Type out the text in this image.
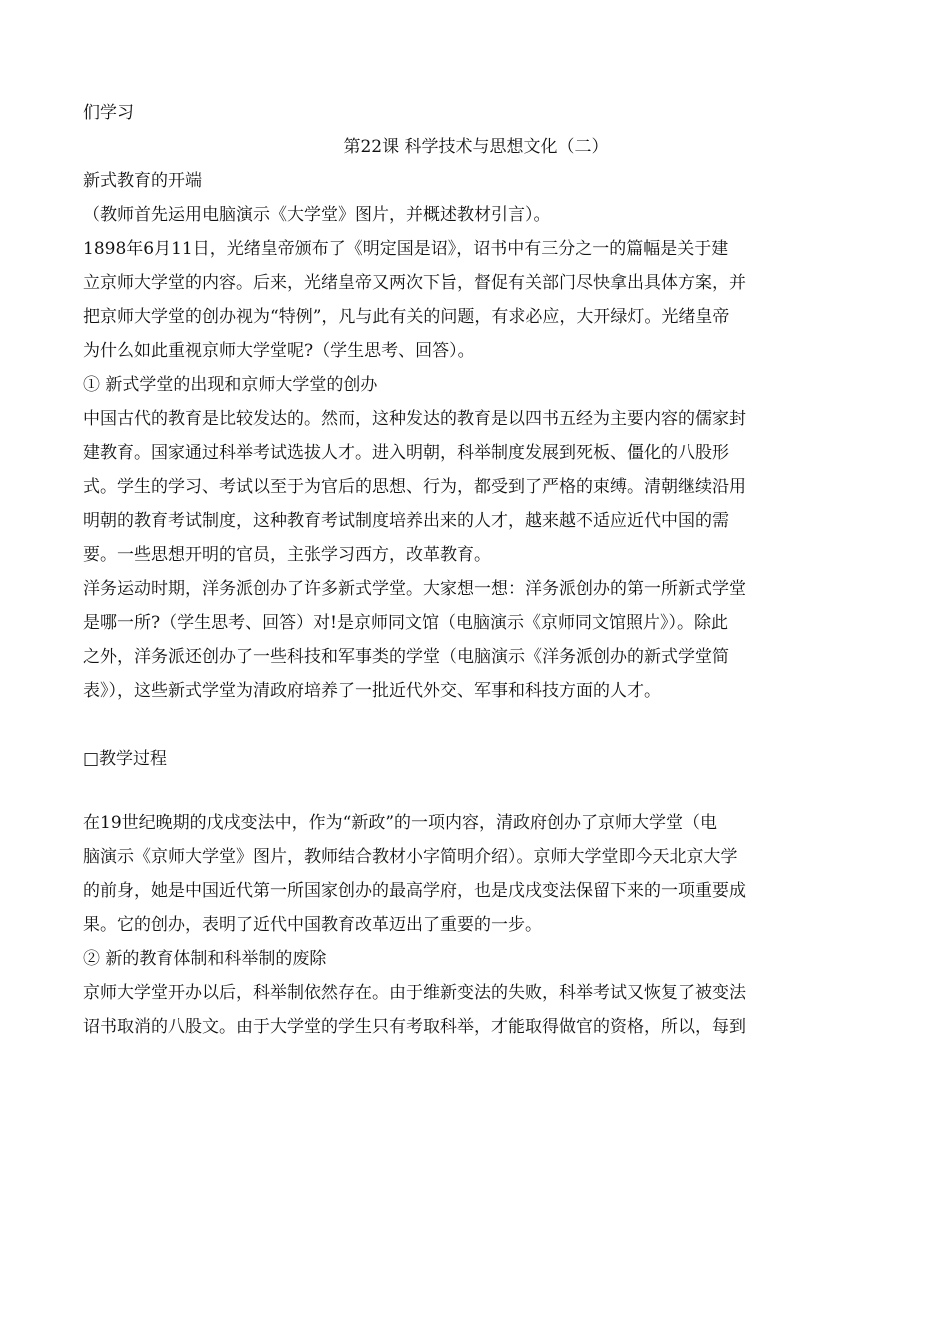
们学习
第22课 科学技术与思想文化（二）
新式教育的开端
（教师首先运用电脑演示《大学堂》图片，并概述教材引言）。
1898年6月11日，光绪皇帝颁布了《明定国是诏》，诏书中有三分之一的篇幅是关于建
立京师大学堂的内容。后来，光绪皇帝又两次下旨，督促有关部门尽快拿出具体方案，并
把京师大学堂的创办视为“特例”，凡与此有关的问题，有求必应，大开绿灯。光绪皇帝
为什么如此重视京师大学堂呢?（学生思考、回答）。
① 新式学堂的出现和京师大学堂的创办
中国古代的教育是比较发达的。然而，这种发达的教育是以四书五经为主要内容的儒家封
建教育。国家通过科举考试选拔人才。进入明朝，科举制度发展到死板、僵化的八股形
式。学生的学习、考试以至于为官后的思想、行为，都受到了严格的束缚。清朝继续沿用
明朝的教育考试制度，这种教育考试制度培养出来的人才，越来越不适应近代中国的需
要。一些思想开明的官员，主张学习西方，改革教育。
洋务运动时期，洋务派创办了许多新式学堂。大家想一想：洋务派创办的第一所新式学堂
是哪一所?（学生思考、回答）对!是京师同文馆（电脑演示《京师同文馆照片》）。除此
之外，洋务派还创办了一些科技和军事类的学堂（电脑演示《洋务派创办的新式学堂简
表》），这些新式学堂为清政府培养了一批近代外交、军事和科技方面的人才。
□教学过程
在19世纪晚期的戊戌变法中，作为“新政”的一项内容，清政府创办了京师大学堂（电
脑演示《京师大学堂》图片，教师结合教材小字简明介绍）。京师大学堂即今天北京大学
的前身，她是中国近代第一所国家创办的最高学府，也是戊戌变法保留下来的一项重要成
果。它的创办，表明了近代中国教育改革迈出了重要的一步。
② 新的教育体制和科举制的废除
京师大学堂开办以后，科举制依然存在。由于维新变法的失败，科举考试又恢复了被变法
诏书取消的八股文。由于大学堂的学生只有考取科举，才能取得做官的资格，所以，每到
